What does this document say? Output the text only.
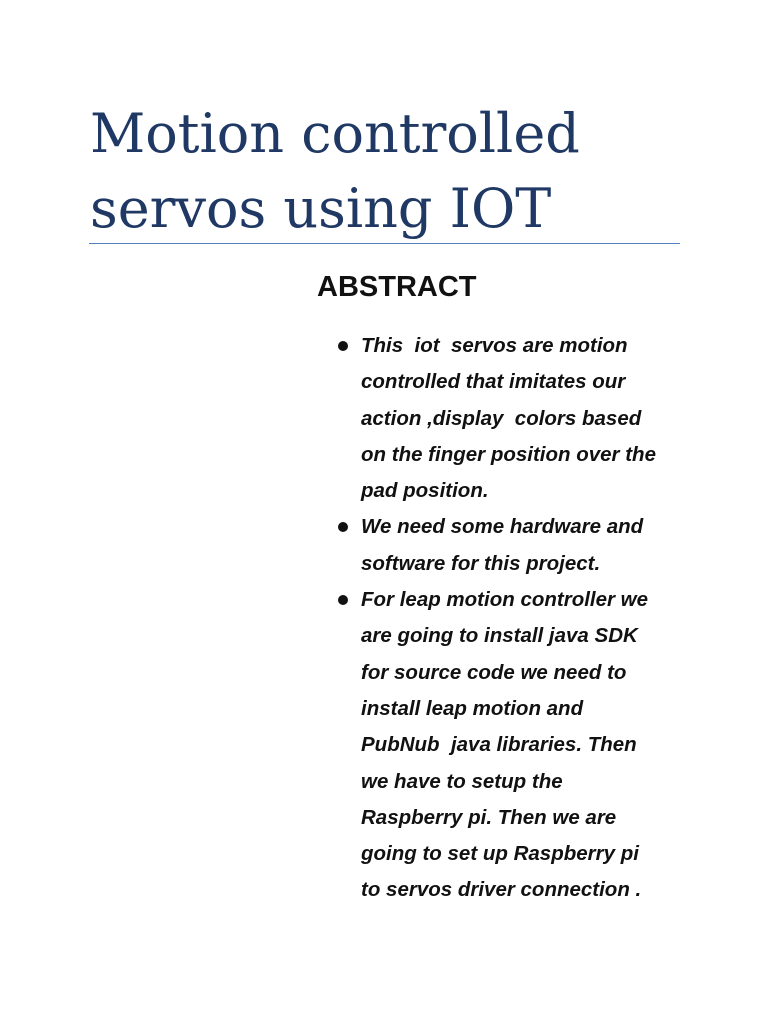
Motion controlled
servos using IOT
ABSTRACT
This  iot  servos are motion
controlled that imitates our
action ,display  colors based
on the finger position over the
pad position.
We need some hardware and
software for this project.
For leap motion controller we
are going to install java SDK
for source code we need to
install leap motion and
PubNub  java libraries. Then
we have to setup the
Raspberry pi. Then we are
going to set up Raspberry pi
to servos driver connection .
